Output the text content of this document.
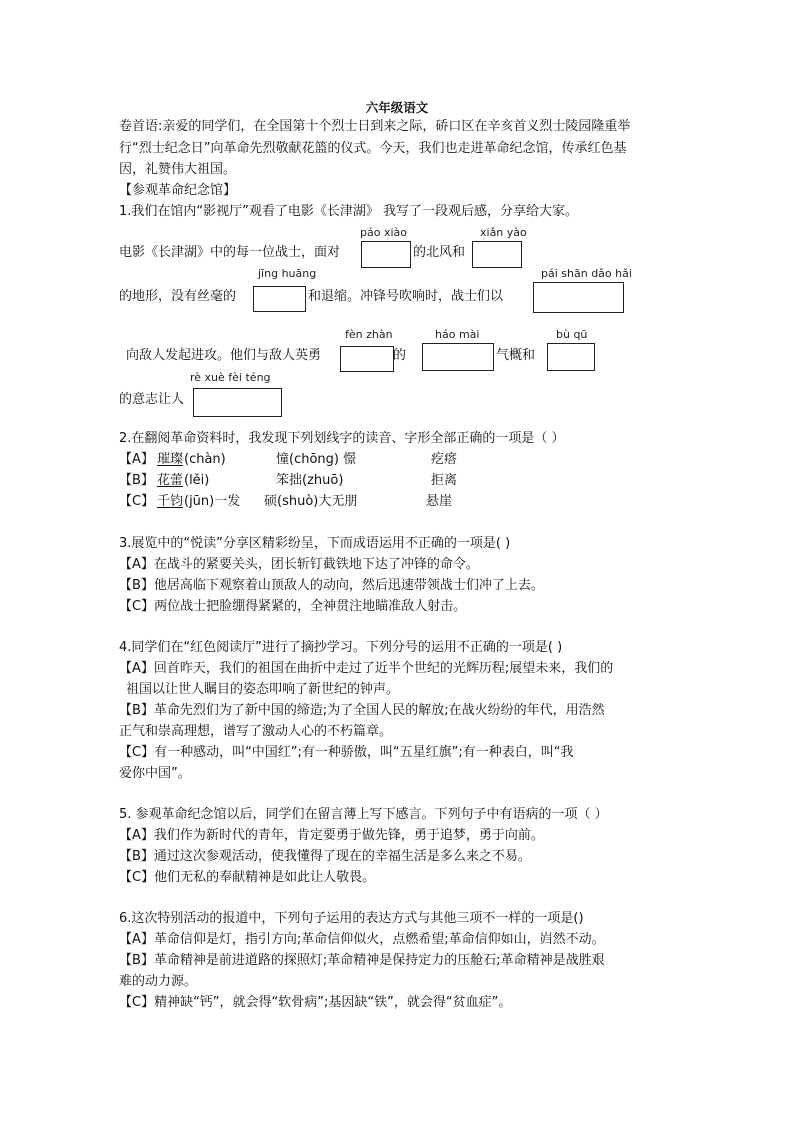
六年级语文
卷首语:亲爱的同学们，在全国第十个烈士日到来之际，硚口区在辛亥首义烈士陵园隆重举
行“烈士纪念日”向革命先烈敬献花篮的仪式。今天，我们也走进革命纪念馆，传承红色基
因，礼赞伟大祖国。
【参观革命纪念馆】
1.我们在馆内“影视厅”观看了电影《长津湖》 我写了一段观后感，分享给大家。
páo xiào	xiǎn yào
电影《长津湖》中的每一位战士，面对	的北风和
jīng huāng	pái shān dǎo hǎi
的地形，没有丝毫的	和退缩。冲锋号吹响时，战士们以
fèn zhàn	háo mài	bù qū
向敌人发起进攻。他们与敌人英勇	的	气概和
rè xuè fèi téng
的意志让人
2.在翻阅革命资料时，我发现下列划线字的读音、字形全部正确的一项是（ ）
【A】 璀璨 (chàn)	憧(chōng) 憬	疙瘩
【B】 花蕾 (lěi)	笨拙(zhuō)	拒离
【C】 千钧 (jūn)一发 硕(shuò)大无朋	悬崖
3.展览中的“悦读”分享区精彩纷呈，下而成语运用不正确的一项是( )
【A】在战斗的紧要关头，团长斩钉截铁地下达了冲锋的命令。
【B】他居高临下观察着山顶敌人的动向，然后迅速带领战士们冲了上去。
【C】两位战士把脸绷得紧紧的，全神贯注地瞄准敌人射击。
4.同学们在“红色阅读厅”进行了摘抄学习。下列分号的运用不正确的一项是( )
【A】回首昨天，我们的祖国在曲折中走过了近半个世纪的光辉历程;展望未来，我们的
祖国以让世人瞩目的姿态叩响了新世纪的钟声。
【B】革命先烈们为了新中国的缔造;为了全国人民的解放;在战火纷纷的年代，用浩然
正气和崇高理想，谱写了激动人心的不朽篇章。
【C】有一种感动，叫“中国红”;有一种骄傲，叫“五星红旗”;有一种表白，叫“我
爱你中国”。
5. 参观革命纪念馆以后，同学们在留言薄上写下感言。下列句子中有语病的一项（ ）
【A】我们作为新时代的青年，肯定要勇于做先锋，勇于追梦，勇于向前。
【B】通过这次参观活动，使我懂得了现在的幸福生活是多么来之不易。
【C】他们无私的奉献精神是如此让人敬畏。
6.这次特别活动的报道中，下列句子运用的表达方式与其他三项不一样的一项是()
【A】革命信仰是灯，指引方向;革命信仰似火，点燃希望;革命信仰如山，岿然不动。
【B】革命精神是前进道路的探照灯;革命精神是保持定力的压舱石;革命精神是战胜艰
难的动力源。
【C】精神缺“钙”，就会得“软骨病”;基因缺“铁”，就会得“贫血症”。
